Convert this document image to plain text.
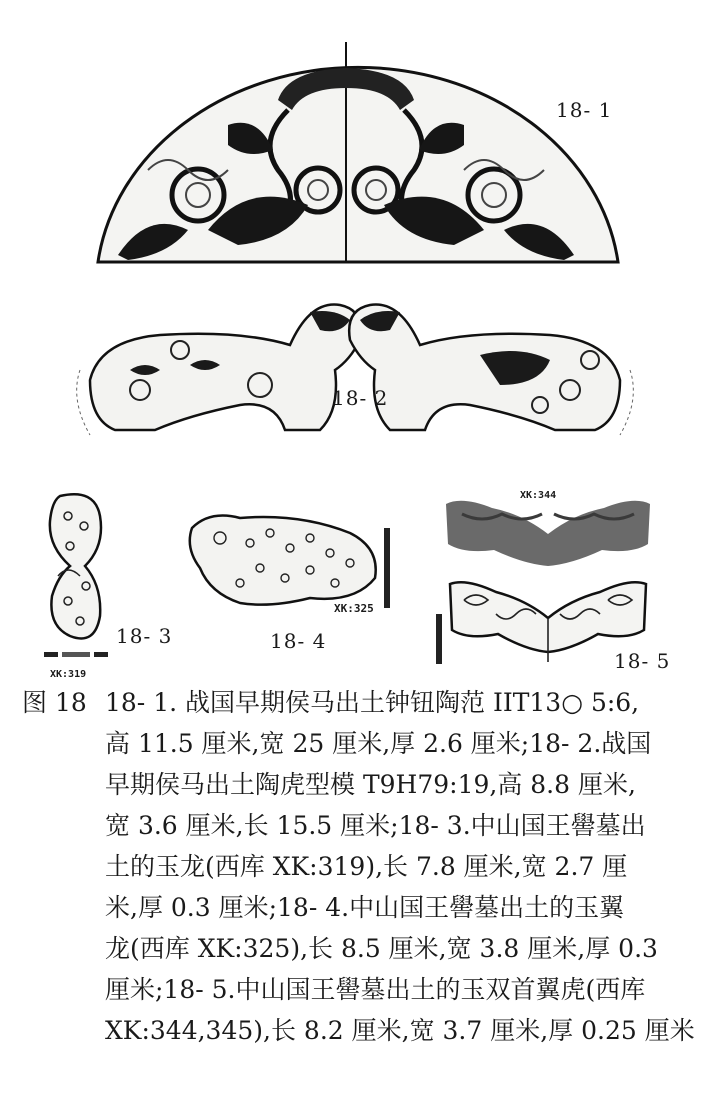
18- 1
18- 2
XK:319
18- 3
XK:325
18- 4
XK:344
18- 5
图 18 18- 1. 战国早期侯马出土钟钮陶范 IIT13○ 5:6,
高 11.5 厘米,宽 25 厘米,厚 2.6 厘米;18- 2.战国
早期侯马出土陶虎型模 T9H79:19,高 8.8 厘米,
宽 3.6 厘米,长 15.5 厘米;18- 3.中山国王嚳墓出
土的玉龙(西库 XK:319),长 7.8 厘米,宽 2.7 厘
米,厚 0.3 厘米;18- 4.中山国王嚳墓出土的玉翼
龙(西库 XK:325),长 8.5 厘米,宽 3.8 厘米,厚 0.3
厘米;18- 5.中山国王嚳墓出土的玉双首翼虎(西库
XK:344,345),长 8.2 厘米,宽 3.7 厘米,厚 0.25 厘米
